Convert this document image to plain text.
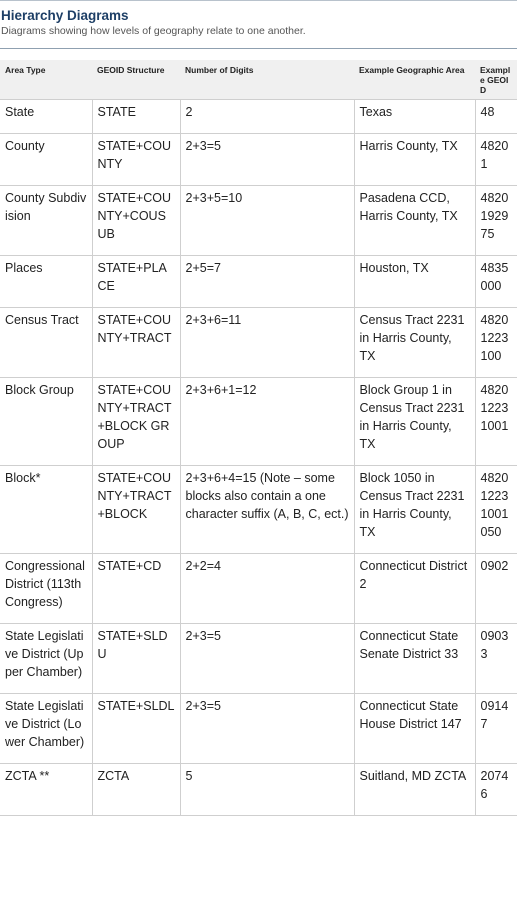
Hierarchy Diagrams
Diagrams showing how levels of geography relate to one another.
Area Type	GEOID Structure	Number of Digits	Example Geographic Area	Example GEOID
State	STATE	2	Texas	48
County	STATE+COUNTY	2+3=5	Harris County, TX	48201
County Subdivision	STATE+COUNTY+COUSUB	2+3+5=10	Pasadena CCD, Harris County, TX	4820192975
Places	STATE+PLACE	2+5=7	Houston, TX	4835000
Census Tract	STATE+COUNTY+TRACT	2+3+6=11	Census Tract 2231 in Harris County, TX	48201223100
Block Group	STATE+COUNTY+TRACT+BLOCK GROUP	2+3+6+1=12	Block Group 1 in Census Tract 2231 in Harris County, TX	482012231001
Block*	STATE+COUNTY+TRACT+BLOCK	2+3+6+4=15 (Note – some blocks also contain a one character suffix (A, B, C, ect.)	Block 1050 in Census Tract 2231 in Harris County, TX	482012231001050
Congressional District (113th Congress)	STATE+CD	2+2=4	Connecticut District 2	0902
State Legislative District (Upper Chamber)	STATE+SLDU	2+3=5	Connecticut State Senate District 33	09033
State Legislative District (Lower Chamber)	STATE+SLDL	2+3=5	Connecticut State House District 147	09147
ZCTA **	ZCTA	5	Suitland, MD ZCTA	20746
